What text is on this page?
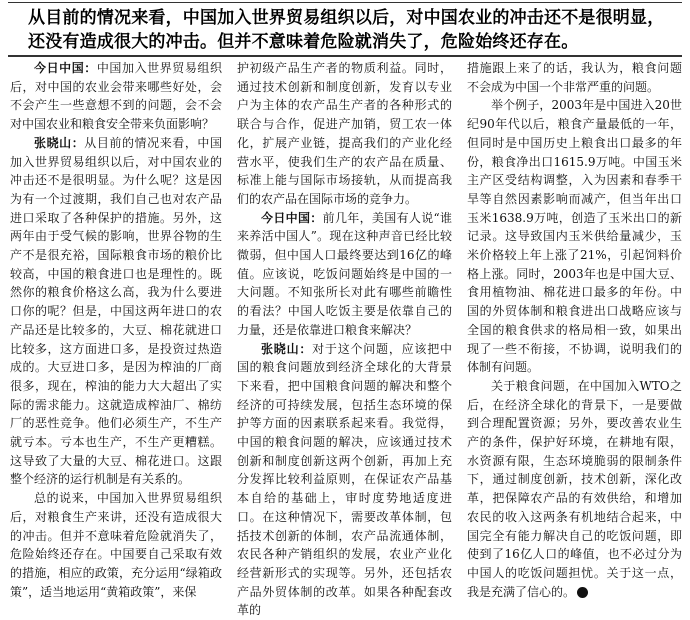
从目前的情况来看，中国加入世界贸易组织以后，对中国农业的冲击还不是很明显，
还没有造成很大的冲击。但并不意味着危险就消失了，危险始终还存在。

今日中国：中国加入世界贸易组织后，对中国的农业会带来哪些好处，会不会产生一些意想不到的问题，会不会对中国农业和粮食安全带来负面影响？

张晓山：从目前的情况来看，中国加入世界贸易组织以后，对中国农业的冲击还不是很明显。为什么呢？这是因为有一个过渡期，我们自己也对农产品进口采取了各种保护的措施。另外，这两年由于受气候的影响，世界谷物的生产不是很充裕，国际粮食市场的粮价比较高，中国的粮食进口也是理性的。既然你的粮食价格这么高，我为什么要进口你的呢？但是，中国这两年进口的农产品还是比较多的，大豆、棉花就进口比较多，这方面进口多，是投资过热造成的。大豆进口多，是因为榨油的厂商很多，现在，榨油的能力大大超出了实际的需求能力。这就造成榨油厂、棉纺厂的恶性竞争。他们必须生产，不生产就亏本。亏本也生产，不生产更糟糕。这导致了大量的大豆、棉花进口。这跟整个经济的运行机制是有关系的。

总的说来，中国加入世界贸易组织后，对粮食生产来讲，还没有造成很大的冲击。但并不意味着危险就消失了，危险始终还存在。中国要自己采取有效的措施，相应的政策，充分运用“绿箱政策”，适当地运用“黄箱政策”，来保

护初级产品生产者的物质利益。同时，通过技术创新和制度创新，发育以专业户为主体的农产品生产者的各种形式的联合与合作，促进产加销，贸工农一体化，扩展产业链，提高我们的产业化经营水平，使我们生产的农产品在质量、标准上能与国际市场接轨，从而提高我们的农产品在国际市场的竞争力。

今日中国：前几年，美国有人说“谁来养活中国人”。现在这种声音已经比较微弱，但中国人口最终要达到16亿的峰值。应该说，吃饭问题始终是中国的一大问题。不知张所长对此有哪些前瞻性的看法？中国人吃饭主要是依靠自己的力量，还是依靠进口粮食来解决？

张晓山：对于这个问题，应该把中国的粮食问题放到经济全球化的大背景下来看，把中国粮食问题的解决和整个经济的可持续发展，包括生态环境的保护等方面的因素联系起来看。我觉得，中国的粮食问题的解决，应该通过技术创新和制度创新这两个创新，再加上充分发挥比较利益原则，在保证农产品基本自给的基础上，审时度势地适度进口。在这种情况下，需要改革体制，包括技术创新的体制，农产品流通体制，农民各种产销组织的发展，农业产业化经营新形式的实现等。另外，还包括农产品外贸体制的改革。如果各种配套改革的

措施跟上来了的话，我认为，粮食问题不会成为中国一个非常严重的问题。

举个例子，2003年是中国进入20世纪90年代以后，粮食产量最低的一年，但同时是中国历史上粮食出口最多的年份，粮食净出口1615.9万吨。中国玉米主产区受结构调整，入为因素和春季干旱等自然因素影响而减产，但当年出口玉米1638.9万吨，创造了玉米出口的新记录。这导致国内玉米供给量减少，玉米价格较上年上涨了21%，引起饲料价格上涨。同时，2003年也是中国大豆、食用植物油、棉花进口最多的年份。中国的外贸体制和粮食进出口战略应该与全国的粮食供求的格局相一致，如果出现了一些不衔接，不协调，说明我们的体制有问题。

关于粮食问题，在中国加入WTO之后，在经济全球化的背景下，一是要做到合理配置资源；另外，要改善农业生产的条件，保护好环境，在耕地有限，水资源有限，生态环境脆弱的限制条件下，通过制度创新，技术创新，深化改革，把保障农产品的有效供给，和增加农民的收入这两条有机地结合起来，中国完全有能力解决自己的吃饭问题，即使到了16亿人口的峰值，也不必过分为中国人的吃饭问题担忧。关于这一点，我是充满了信心的。	名
